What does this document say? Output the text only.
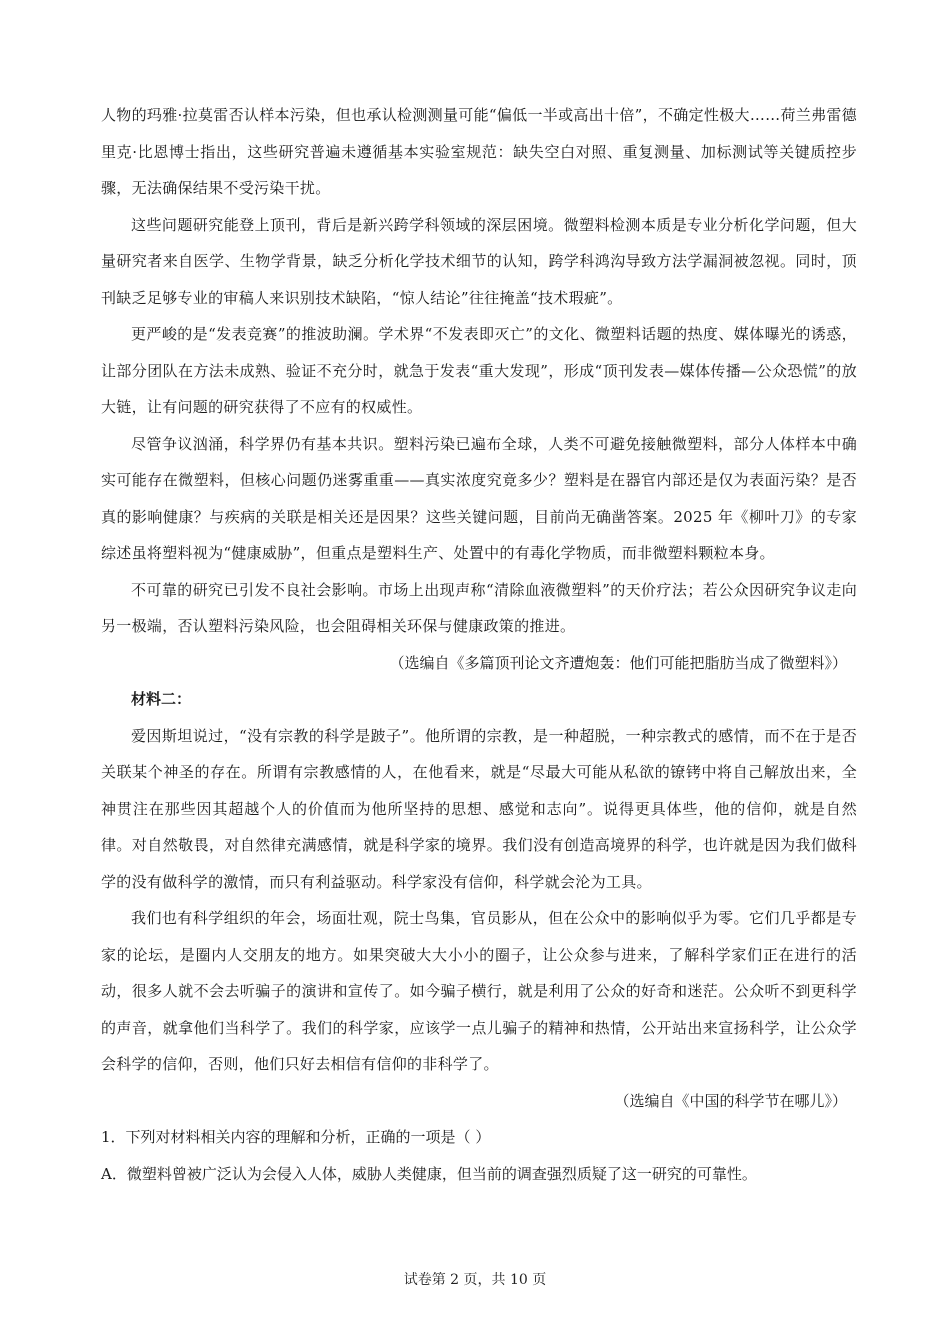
人物的玛雅·拉莫雷否认样本污染，但也承认检测测量可能“偏低一半或高出十倍”，不确定性极大……荷兰弗雷德里克·比恩博士指出，这些研究普遍未遵循基本实验室规范：缺失空白对照、重复测量、加标测试等关键质控步骤，无法确保结果不受污染干扰。

这些问题研究能登上顶刊，背后是新兴跨学科领域的深层困境。微塑料检测本质是专业分析化学问题，但大量研究者来自医学、生物学背景，缺乏分析化学技术细节的认知，跨学科鸿沟导致方法学漏洞被忽视。同时，顶刊缺乏足够专业的审稿人来识别技术缺陷，“惊人结论”往往掩盖“技术瑕疵”。

更严峻的是“发表竞赛”的推波助澜。学术界“不发表即灭亡”的文化、微塑料话题的热度、媒体曝光的诱惑，让部分团队在方法未成熟、验证不充分时，就急于发表“重大发现”，形成“顶刊发表—媒体传播—公众恐慌”的放大链，让有问题的研究获得了不应有的权威性。

尽管争议汹涌，科学界仍有基本共识。塑料污染已遍布全球，人类不可避免接触微塑料，部分人体样本中确实可能存在微塑料，但核心问题仍迷雾重重——真实浓度究竟多少？塑料是在器官内部还是仅为表面污染？是否真的影响健康？与疾病的关联是相关还是因果？这些关键问题，目前尚无确凿答案。2025 年《柳叶刀》的专家综述虽将塑料视为“健康威胁”，但重点是塑料生产、处置中的有毒化学物质，而非微塑料颗粒本身。

不可靠的研究已引发不良社会影响。市场上出现声称“清除血液微塑料”的天价疗法；若公众因研究争议走向另一极端，否认塑料污染风险，也会阻碍相关环保与健康政策的推进。

（选编自《多篇顶刊论文齐遭炮轰：他们可能把脂肪当成了微塑料》）

材料二：

爱因斯坦说过，“没有宗教的科学是跛子”。他所谓的宗教，是一种超脱，一种宗教式的感情，而不在于是否关联某个神圣的存在。所谓有宗教感情的人，在他看来，就是“尽最大可能从私欲的镣铐中将自己解放出来，全神贯注在那些因其超越个人的价值而为他所坚持的思想、感觉和志向”。说得更具体些，他的信仰，就是自然律。对自然敬畏，对自然律充满感情，就是科学家的境界。我们没有创造高境界的科学，也许就是因为我们做科学的没有做科学的激情，而只有利益驱动。科学家没有信仰，科学就会沦为工具。

我们也有科学组织的年会，场面壮观，院士鸟集，官员影从，但在公众中的影响似乎为零。它们几乎都是专家的论坛，是圈内人交朋友的地方。如果突破大大小小的圈子，让公众参与进来，了解科学家们正在进行的活动，很多人就不会去听骗子的演讲和宣传了。如今骗子横行，就是利用了公众的好奇和迷茫。公众听不到更科学的声音，就拿他们当科学了。我们的科学家，应该学一点儿骗子的精神和热情，公开站出来宣扬科学，让公众学会科学的信仰，否则，他们只好去相信有信仰的非科学了。

（选编自《中国的科学节在哪儿》）

1．下列对材料相关内容的理解和分析，正确的一项是（ ）

A．微塑料曾被广泛认为会侵入人体，威胁人类健康，但当前的调查强烈质疑了这一研究的可靠性。

试卷第 2 页，共 10 页
